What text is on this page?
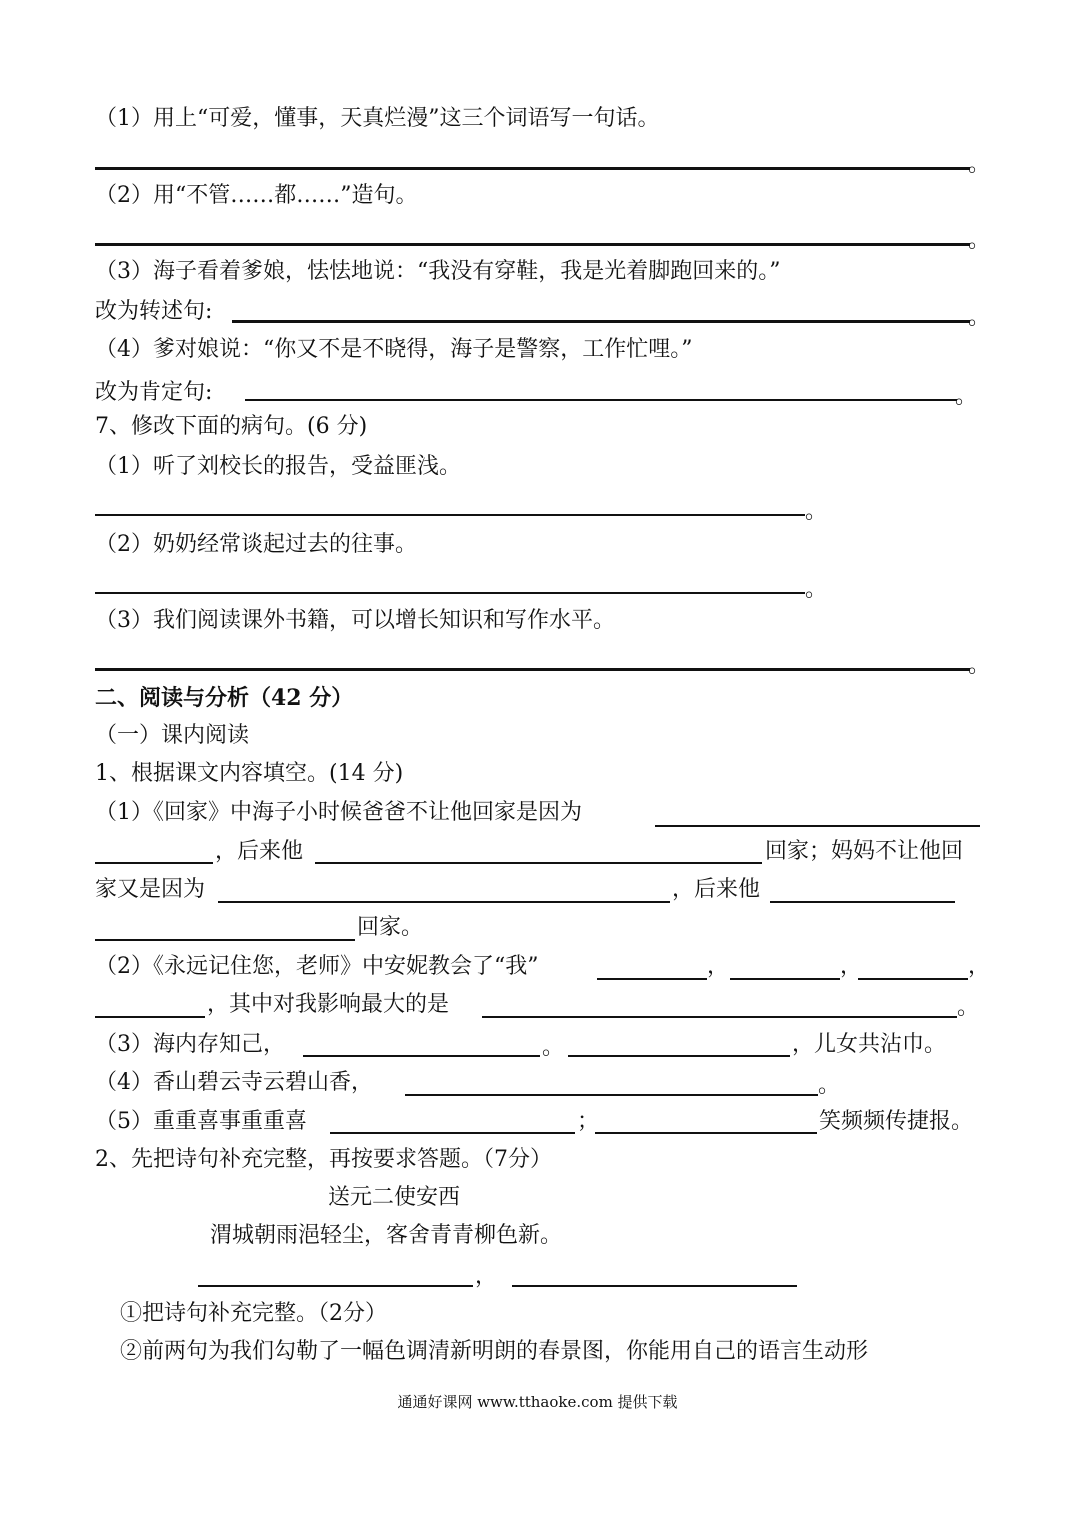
（1）用上“可爱，懂事，天真烂漫”这三个词语写一句话。
。
（2）用“不管……都……”造句。
。
（3）海子看着爹娘，怯怯地说：“我没有穿鞋，我是光着脚跑回来的。”
改为转述句:	。
（4）爹对娘说：“你又不是不晓得，海子是警察，工作忙哩。”
改为肯定句:	。
7、修改下面的病句。(6 分)
（1）听了刘校长的报告，受益匪浅。
。
（2）奶奶经常谈起过去的往事。
。
（3）我们阅读课外书籍，可以增长知识和写作水平。
。
二、阅读与分析（42 分）
（一）课内阅读
1、根据课文内容填空。(14 分)
（1）《回家》中海子小时候爸爸不让他回家是因为
，后来他	回家；妈妈不让他回
家又是因为	，后来他
回家。
（2）《永远记住您，老师》中安妮教会了“我”	，	，	，
，其中对我影响最大的是	。
（3）海内存知己，	。	，儿女共沾巾。
（4）香山碧云寺云碧山香，	。
（5）重重喜事重重喜	；	笑频频传捷报。
2、先把诗句补充完整，再按要求答题。（7分）
送元二使安西
渭城朝雨浥轻尘，客舍青青柳色新。
，
①把诗句补充完整。（2分）
②前两句为我们勾勒了一幅色调清新明朗的春景图，你能用自己的语言生动形
通通好课网 www.tthaoke.com 提供下载
